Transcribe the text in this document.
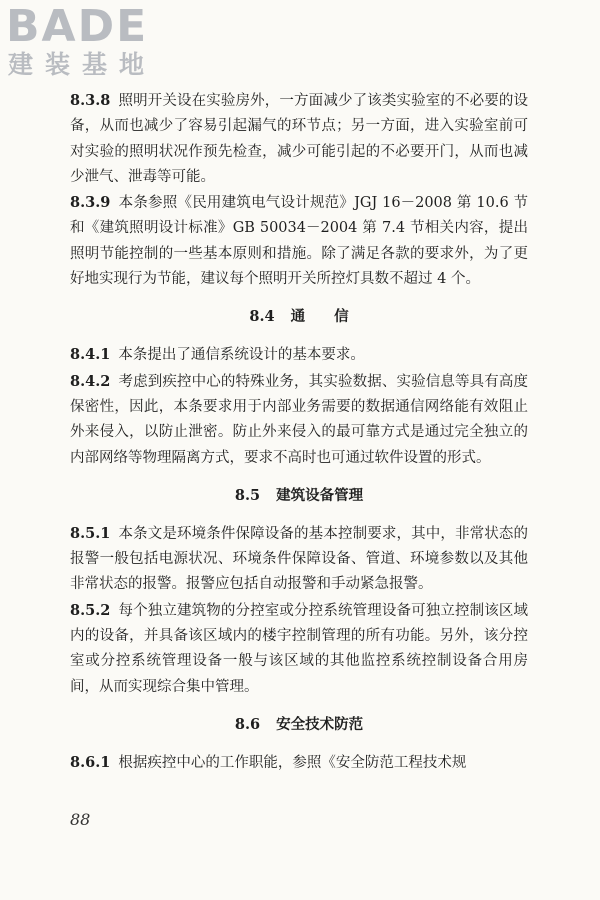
BADE
建装基地

8.3.8 照明开关设在实验房外，一方面减少了该类实验室的不必要的设备，从而也减少了容易引起漏气的环节点；另一方面，进入实验室前可对实验的照明状况作预先检查，减少可能引起的不必要开门，从而也减少泄气、泄毒等可能。

8.3.9 本条参照《民用建筑电气设计规范》JGJ 16－2008 第 10.6 节和《建筑照明设计标准》GB 50034－2004 第 7.4 节相关内容，提出照明节能控制的一些基本原则和措施。除了满足各款的要求外，为了更好地实现行为节能，建议每个照明开关所控灯具数不超过 4 个。

8.4 通　　信

8.4.1 本条提出了通信系统设计的基本要求。

8.4.2 考虑到疾控中心的特殊业务，其实验数据、实验信息等具有高度保密性，因此，本条要求用于内部业务需要的数据通信网络能有效阻止外来侵入，以防止泄密。防止外来侵入的最可靠方式是通过完全独立的内部网络等物理隔离方式，要求不高时也可通过软件设置的形式。

8.5 建筑设备管理

8.5.1 本条文是环境条件保障设备的基本控制要求，其中，非常状态的报警一般包括电源状况、环境条件保障设备、管道、环境参数以及其他非常状态的报警。报警应包括自动报警和手动紧急报警。

8.5.2 每个独立建筑物的分控室或分控系统管理设备可独立控制该区域内的设备，并具备该区域内的楼宇控制管理的所有功能。另外，该分控室或分控系统管理设备一般与该区域的其他监控系统控制设备合用房间，从而实现综合集中管理。

8.6 安全技术防范

8.6.1 根据疾控中心的工作职能，参照《安全防范工程技术规

88
